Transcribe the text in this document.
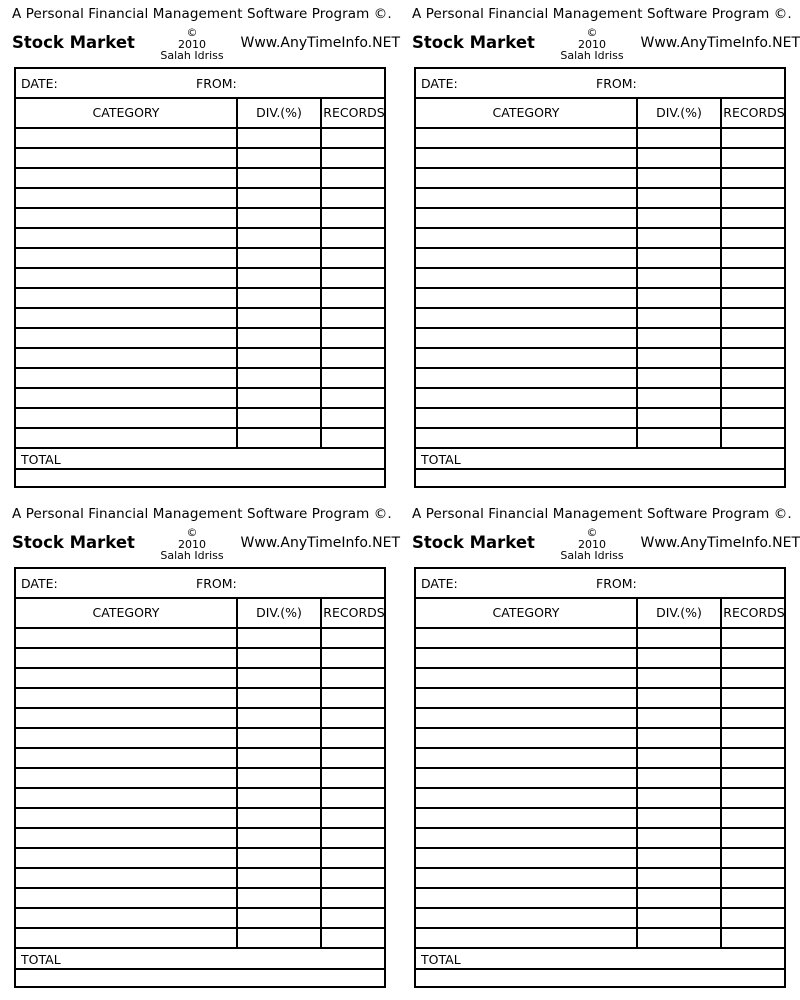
A Personal Financial Management Software Program ©.
Stock Market
©
2010
Salah Idriss
Www.AnyTimeInfo.NET
DATE:	FROM:
CATEGORY	DIV.(%)	RECORDS
TOTAL
A Personal Financial Management Software Program ©.
Stock Market
©
2010
Salah Idriss
Www.AnyTimeInfo.NET
DATE:	FROM:
CATEGORY	DIV.(%)	RECORDS
TOTAL
A Personal Financial Management Software Program ©.
Stock Market
©
2010
Salah Idriss
Www.AnyTimeInfo.NET
DATE:	FROM:
CATEGORY	DIV.(%)	RECORDS
TOTAL
A Personal Financial Management Software Program ©.
Stock Market
©
2010
Salah Idriss
Www.AnyTimeInfo.NET
DATE:	FROM:
CATEGORY	DIV.(%)	RECORDS
TOTAL
